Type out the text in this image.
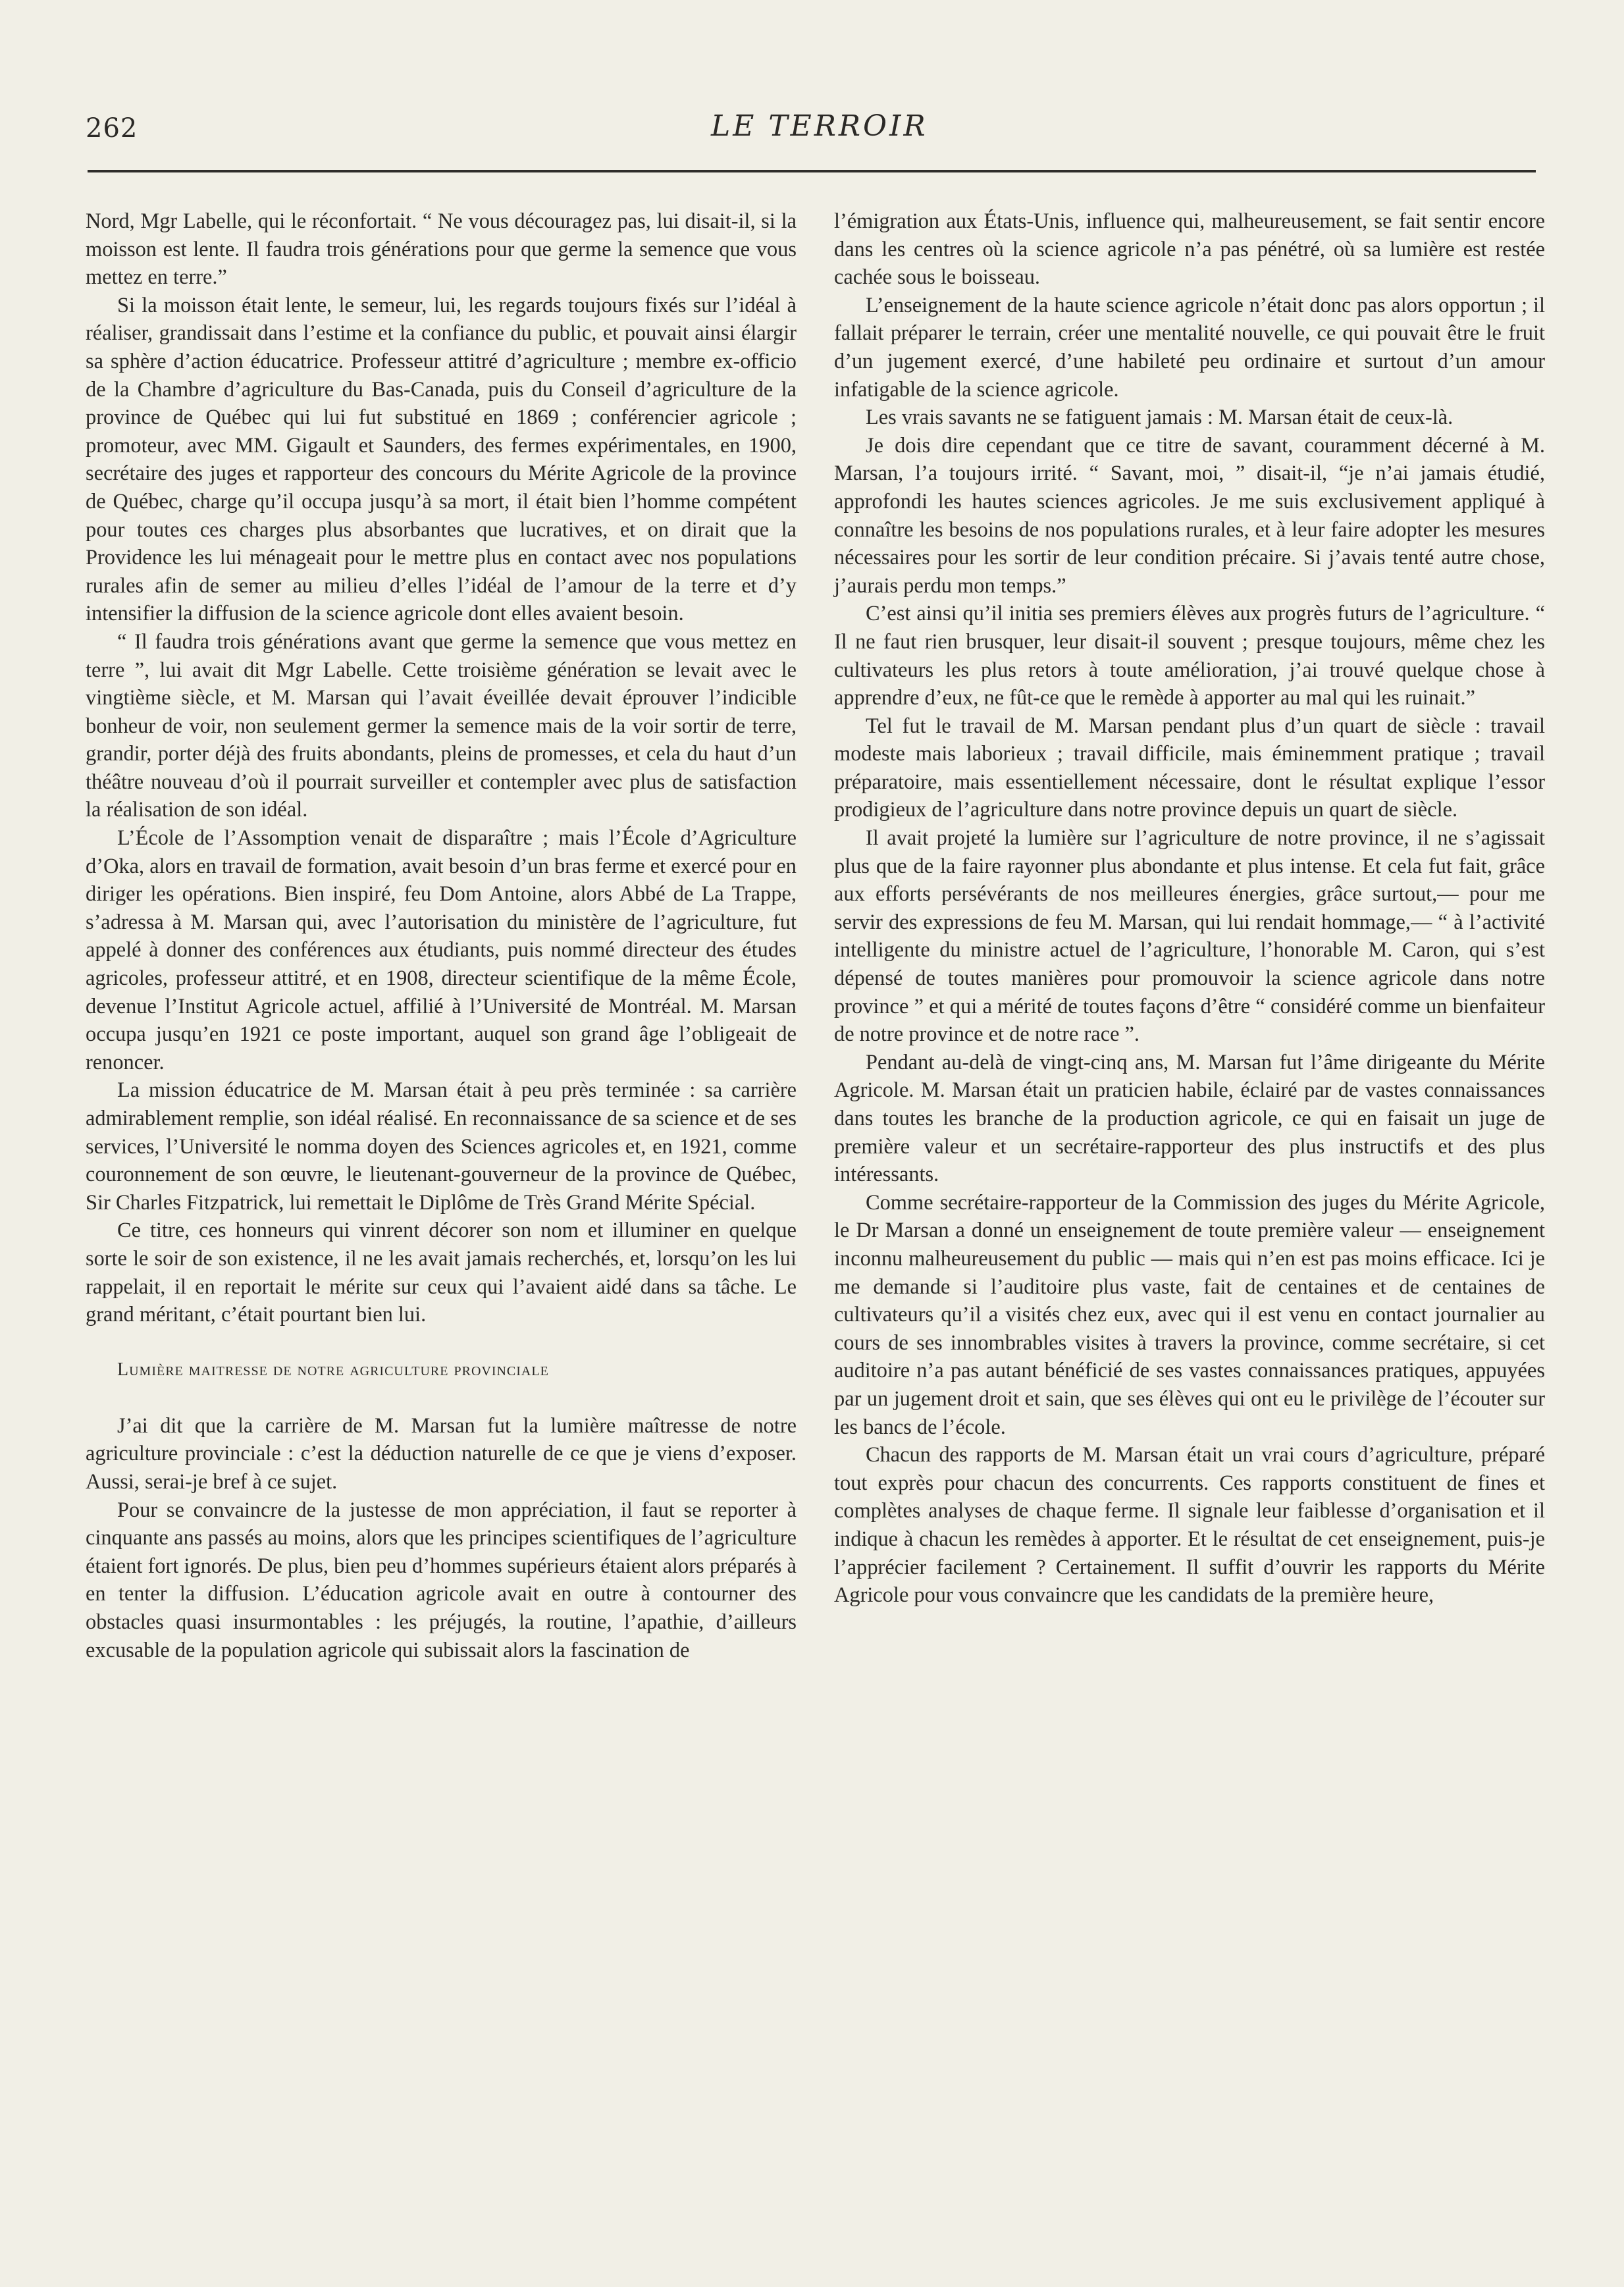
262	LE TERROIR

Nord, Mgr Labelle, qui le réconfortait. “ Ne vous découragez pas, lui disait-il, si la moisson est lente. Il faudra trois générations pour que germe la semence que vous mettez en terre.”

Si la moisson était lente, le semeur, lui, les regards toujours fixés sur l’idéal à réaliser, grandissait dans l’estime et la confiance du public, et pouvait ainsi élargir sa sphère d’action éducatrice. Professeur attitré d’agriculture ; membre ex-officio de la Chambre d’agriculture du Bas-Canada, puis du Conseil d’agriculture de la province de Québec qui lui fut substitué en 1869 ; conférencier agricole ; promoteur, avec MM. Gigault et Saunders, des fermes expérimentales, en 1900, secrétaire des juges et rapporteur des concours du Mérite Agricole de la province de Québec, charge qu’il occupa jusqu’à sa mort, il était bien l’homme compétent pour toutes ces charges plus absorbantes que lucratives, et on dirait que la Providence les lui ménageait pour le mettre plus en contact avec nos populations rurales afin de semer au milieu d’elles l’idéal de l’amour de la terre et d’y intensifier la diffusion de la science agricole dont elles avaient besoin.

“ Il faudra trois générations avant que germe la semence que vous mettez en terre ”, lui avait dit Mgr Labelle. Cette troisième génération se levait avec le vingtième siècle, et M. Marsan qui l’avait éveillée devait éprouver l’indicible bonheur de voir, non seulement germer la semence mais de la voir sortir de terre, grandir, porter déjà des fruits abondants, pleins de promesses, et cela du haut d’un théâtre nouveau d’où il pourrait surveiller et contempler avec plus de satisfaction la réalisation de son idéal.

L’École de l’Assomption venait de disparaître ; mais l’École d’Agriculture d’Oka, alors en travail de formation, avait besoin d’un bras ferme et exercé pour en diriger les opérations. Bien inspiré, feu Dom Antoine, alors Abbé de La Trappe, s’adressa à M. Marsan qui, avec l’autorisation du ministère de l’agriculture, fut appelé à donner des conférences aux étudiants, puis nommé directeur des études agricoles, professeur attitré, et en 1908, directeur scientifique de la même École, devenue l’Institut Agricole actuel, affilié à l’Université de Montréal. M. Marsan occupa jusqu’en 1921 ce poste important, auquel son grand âge l’obligeait de renoncer.

La mission éducatrice de M. Marsan était à peu près terminée : sa carrière admirablement remplie, son idéal réalisé. En reconnaissance de sa science et de ses services, l’Université le nomma doyen des Sciences agricoles et, en 1921, comme couronnement de son œuvre, le lieutenant-gouverneur de la province de Québec, Sir Charles Fitzpatrick, lui remettait le Diplôme de Très Grand Mérite Spécial.

Ce titre, ces honneurs qui vinrent décorer son nom et illuminer en quelque sorte le soir de son existence, il ne les avait jamais recherchés, et, lorsqu’on les lui rappelait, il en reportait le mérite sur ceux qui l’avaient aidé dans sa tâche. Le grand méritant, c’était pourtant bien lui.

Lumière maitresse de notre agriculture provinciale

J’ai dit que la carrière de M. Marsan fut la lumière maîtresse de notre agriculture provinciale : c’est la déduction naturelle de ce que je viens d’exposer. Aussi, serai-je bref à ce sujet.

Pour se convaincre de la justesse de mon appréciation, il faut se reporter à cinquante ans passés au moins, alors que les principes scientifiques de l’agriculture étaient fort ignorés. De plus, bien peu d’hommes supérieurs étaient alors préparés à en tenter la diffusion. L’éducation agricole avait en outre à contourner des obstacles quasi insurmontables : les préjugés, la routine, l’apathie, d’ailleurs excusable de la population agricole qui subissait alors la fascination de

l’émigration aux États-Unis, influence qui, malheureusement, se fait sentir encore dans les centres où la science agricole n’a pas pénétré, où sa lumière est restée cachée sous le boisseau.

L’enseignement de la haute science agricole n’était donc pas alors opportun ; il fallait préparer le terrain, créer une mentalité nouvelle, ce qui pouvait être le fruit d’un jugement exercé, d’une habileté peu ordinaire et surtout d’un amour infatigable de la science agricole.

Les vrais savants ne se fatiguent jamais : M. Marsan était de ceux-là.

Je dois dire cependant que ce titre de savant, couramment décerné à M. Marsan, l’a toujours irrité. “ Savant, moi, ” disait-il, “je n’ai jamais étudié, approfondi les hautes sciences agricoles. Je me suis exclusivement appliqué à connaître les besoins de nos populations rurales, et à leur faire adopter les mesures nécessaires pour les sortir de leur condition précaire. Si j’avais tenté autre chose, j’aurais perdu mon temps.”

C’est ainsi qu’il initia ses premiers élèves aux progrès futurs de l’agriculture. “ Il ne faut rien brusquer, leur disait-il souvent ; presque toujours, même chez les cultivateurs les plus retors à toute amélioration, j’ai trouvé quelque chose à apprendre d’eux, ne fût-ce que le remède à apporter au mal qui les ruinait.”

Tel fut le travail de M. Marsan pendant plus d’un quart de siècle : travail modeste mais laborieux ; travail difficile, mais éminemment pratique ; travail préparatoire, mais essentiellement nécessaire, dont le résultat explique l’essor prodigieux de l’agriculture dans notre province depuis un quart de siècle.

Il avait projeté la lumière sur l’agriculture de notre province, il ne s’agissait plus que de la faire rayonner plus abondante et plus intense. Et cela fut fait, grâce aux efforts persévérants de nos meilleures énergies, grâce surtout,— pour me servir des expressions de feu M. Marsan, qui lui rendait hommage,— “ à l’activité intelligente du ministre actuel de l’agriculture, l’honorable M. Caron, qui s’est dépensé de toutes manières pour promouvoir la science agricole dans notre province ” et qui a mérité de toutes façons d’être “ considéré comme un bienfaiteur de notre province et de notre race ”.

Pendant au-delà de vingt-cinq ans, M. Marsan fut l’âme dirigeante du Mérite Agricole. M. Marsan était un praticien habile, éclairé par de vastes connaissances dans toutes les branche de la production agricole, ce qui en faisait un juge de première valeur et un secrétaire-rapporteur des plus instructifs et des plus intéressants.

Comme secrétaire-rapporteur de la Commission des juges du Mérite Agricole, le Dr Marsan a donné un enseignement de toute première valeur — enseignement inconnu malheureusement du public — mais qui n’en est pas moins efficace. Ici je me demande si l’auditoire plus vaste, fait de centaines et de centaines de cultivateurs qu’il a visités chez eux, avec qui il est venu en contact journalier au cours de ses innombrables visites à travers la province, comme secrétaire, si cet auditoire n’a pas autant bénéficié de ses vastes connaissances pratiques, appuyées par un jugement droit et sain, que ses élèves qui ont eu le privilège de l’écouter sur les bancs de l’école.

Chacun des rapports de M. Marsan était un vrai cours d’agriculture, préparé tout exprès pour chacun des concurrents. Ces rapports constituent de fines et complètes analyses de chaque ferme. Il signale leur faiblesse d’organisation et il indique à chacun les remèdes à apporter. Et le résultat de cet enseignement, puis-je l’apprécier facilement ? Certainement. Il suffit d’ouvrir les rapports du Mérite Agricole pour vous convaincre que les candidats de la première heure,
